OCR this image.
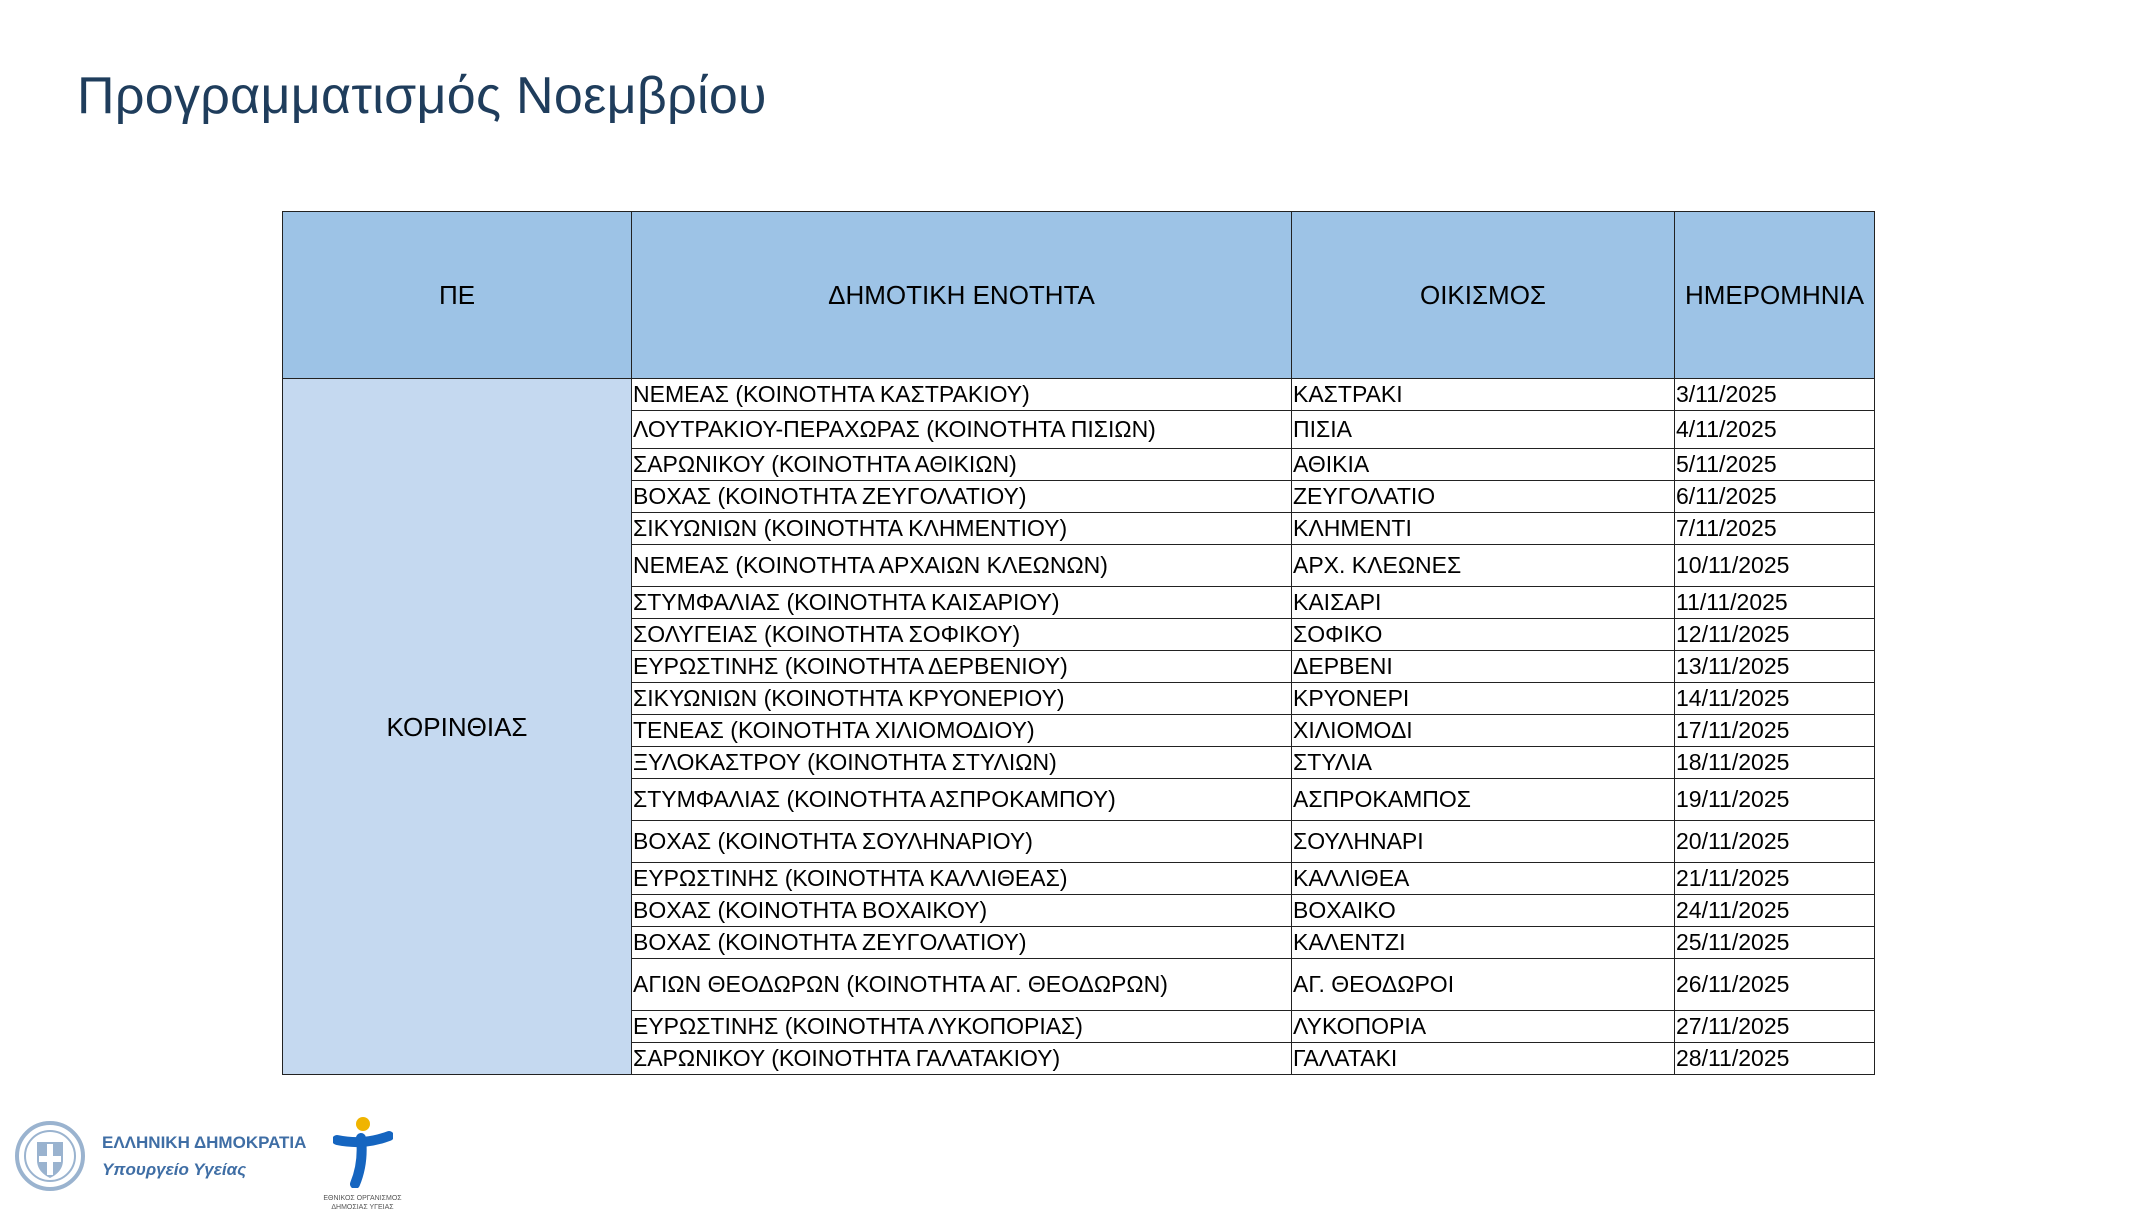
Προγραμματισμός Νοεμβρίου
ΠΕ	ΔΗΜΟΤΙΚΗ ΕΝΟΤΗΤΑ	ΟΙΚΙΣΜΟΣ	ΗΜΕΡΟΜΗΝΙΑ
ΚΟΡΙΝΘΙΑΣ	ΝΕΜΕΑΣ (ΚΟΙΝΟΤΗΤΑ ΚΑΣΤΡΑΚΙΟΥ)	ΚΑΣΤΡΑΚΙ	3/11/2025
	ΛΟΥΤΡΑΚΙΟΥ-ΠΕΡΑΧΩΡΑΣ (ΚΟΙΝΟΤΗΤΑ ΠΙΣΙΩΝ)	ΠΙΣΙΑ	4/11/2025
	ΣΑΡΩΝΙΚΟΥ (ΚΟΙΝΟΤΗΤΑ ΑΘΙΚΙΩΝ)	ΑΘΙΚΙΑ	5/11/2025
	ΒΟΧΑΣ (ΚΟΙΝΟΤΗΤΑ ΖΕΥΓΟΛΑΤΙΟΥ)	ΖΕΥΓΟΛΑΤΙΟ	6/11/2025
	ΣΙΚΥΩΝΙΩΝ (ΚΟΙΝΟΤΗΤΑ ΚΛΗΜΕΝΤΙΟΥ)	ΚΛΗΜΕΝΤΙ	7/11/2025
	ΝΕΜΕΑΣ (ΚΟΙΝΟΤΗΤΑ ΑΡΧΑΙΩΝ ΚΛΕΩΝΩΝ)	ΑΡΧ. ΚΛΕΩΝΕΣ	10/11/2025
	ΣΤΥΜΦΑΛΙΑΣ (ΚΟΙΝΟΤΗΤΑ ΚΑΙΣΑΡΙΟΥ)	ΚΑΙΣΑΡΙ	11/11/2025
	ΣΟΛΥΓΕΙΑΣ (ΚΟΙΝΟΤΗΤΑ ΣΟΦΙΚΟΥ)	ΣΟΦΙΚΟ	12/11/2025
	ΕΥΡΩΣΤΙΝΗΣ (ΚΟΙΝΟΤΗΤΑ ΔΕΡΒΕΝΙΟΥ)	ΔΕΡΒΕΝΙ	13/11/2025
	ΣΙΚΥΩΝΙΩΝ (ΚΟΙΝΟΤΗΤΑ ΚΡΥΟΝΕΡΙΟΥ)	ΚΡΥΟΝΕΡΙ	14/11/2025
	ΤΕΝΕΑΣ (ΚΟΙΝΟΤΗΤΑ ΧΙΛΙΟΜΟΔΙΟΥ)	ΧΙΛΙΟΜΟΔΙ	17/11/2025
	ΞΥΛΟΚΑΣΤΡΟΥ (ΚΟΙΝΟΤΗΤΑ ΣΤΥΛΙΩΝ)	ΣΤΥΛΙΑ	18/11/2025
	ΣΤΥΜΦΑΛΙΑΣ (ΚΟΙΝΟΤΗΤΑ ΑΣΠΡΟΚΑΜΠΟΥ)	ΑΣΠΡΟΚΑΜΠΟΣ	19/11/2025
	ΒΟΧΑΣ (ΚΟΙΝΟΤΗΤΑ ΣΟΥΛΗΝΑΡΙΟΥ)	ΣΟΥΛΗΝΑΡΙ	20/11/2025
	ΕΥΡΩΣΤΙΝΗΣ (ΚΟΙΝΟΤΗΤΑ ΚΑΛΛΙΘΕΑΣ)	ΚΑΛΛΙΘΕΑ	21/11/2025
	ΒΟΧΑΣ (ΚΟΙΝΟΤΗΤΑ ΒΟΧΑΙΚΟΥ)	ΒΟΧΑΙΚΟ	24/11/2025
	ΒΟΧΑΣ (ΚΟΙΝΟΤΗΤΑ ΖΕΥΓΟΛΑΤΙΟΥ)	ΚΑΛΕΝΤΖΙ	25/11/2025
	ΑΓΙΩΝ ΘΕΟΔΩΡΩΝ (ΚΟΙΝΟΤΗΤΑ ΑΓ. ΘΕΟΔΩΡΩΝ)	ΑΓ. ΘΕΟΔΩΡΟΙ	26/11/2025
	ΕΥΡΩΣΤΙΝΗΣ (ΚΟΙΝΟΤΗΤΑ ΛΥΚΟΠΟΡΙΑΣ)	ΛΥΚΟΠΟΡΙΑ	27/11/2025
	ΣΑΡΩΝΙΚΟΥ (ΚΟΙΝΟΤΗΤΑ ΓΑΛΑΤΑΚΙΟΥ)	ΓΑΛΑΤΑΚΙ	28/11/2025
ΕΛΛΗΝΙΚΗ ΔΗΜΟΚΡΑΤΙΑ
Υπουργείο Υγείας
ΕΘΝΙΚΟΣ ΟΡΓΑΝΙΣΜΟΣ
ΔΗΜΟΣΙΑΣ ΥΓΕΙΑΣ
